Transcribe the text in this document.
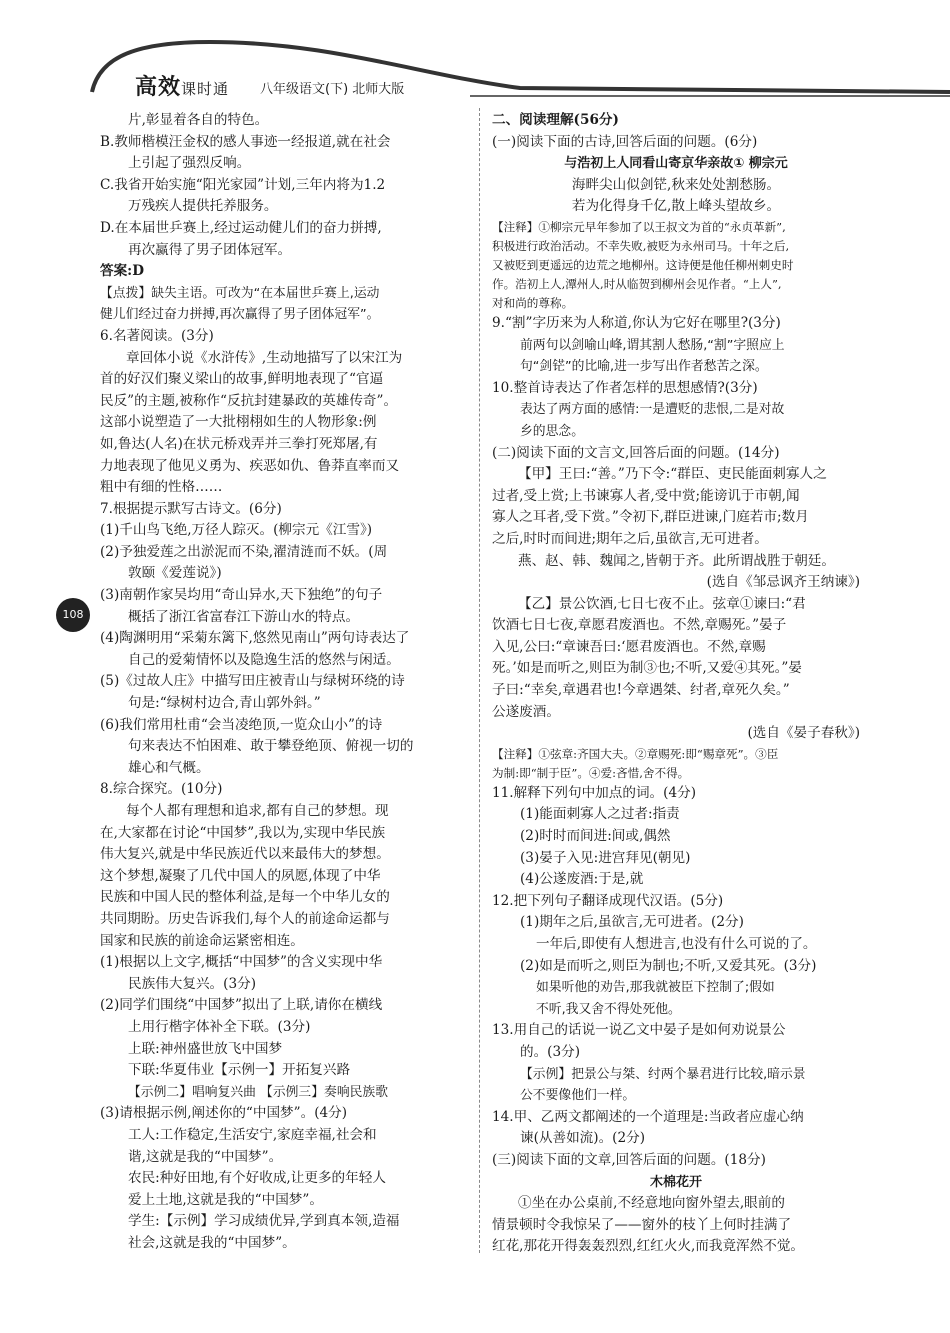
高效课时通 八年级语文(下) 北师大版

片,彰显着各自的特色。

B.教师楷模汪金权的感人事迹一经报道,就在社会

上引起了强烈反响。

C.我省开始实施“阳光家园”计划,三年内将为1.2

万残疾人提供托养服务。

D.在本届世乒赛上,经过运动健儿们的奋力拼搏,

再次赢得了男子团体冠军。

答案:D

【点拨】缺失主语。可改为“在本届世乒赛上,运动

健儿们经过奋力拼搏,再次赢得了男子团体冠军”。

6.名著阅读。(3分)

章回体小说《水浒传》,生动地描写了以宋江为

首的好汉们聚义梁山的故事,鲜明地表现了“官逼

民反”的主题,被称作“反抗封建暴政的英雄传奇”。

这部小说塑造了一大批栩栩如生的人物形象:例

如,鲁达(人名)在状元桥戏弄并三拳打死郑屠,有

力地表现了他见义勇为、疾恶如仇、鲁莽直率而又

粗中有细的性格……

7.根据提示默写古诗文。(6分)

(1)千山鸟飞绝,万径人踪灭。(柳宗元《江雪》)

(2)予独爱莲之出淤泥而不染,濯清涟而不妖。(周

敦颐《爱莲说》)

(3)南朝作家吴均用“奇山异水,天下独绝”的句子

概括了浙江省富春江下游山水的特点。

(4)陶渊明用“采菊东篱下,悠然见南山”两句诗表达了

自己的爱菊情怀以及隐逸生活的悠然与闲适。

(5)《过故人庄》中描写田庄被青山与绿树环绕的诗

句是:“绿树村边合,青山郭外斜。”

(6)我们常用杜甫“会当凌绝顶,一览众山小”的诗

句来表达不怕困难、敢于攀登绝顶、俯视一切的

雄心和气概。

8.综合探究。(10分)

每个人都有理想和追求,都有自己的梦想。现

在,大家都在讨论“中国梦”,我以为,实现中华民族

伟大复兴,就是中华民族近代以来最伟大的梦想。

这个梦想,凝聚了几代中国人的夙愿,体现了中华

民族和中国人民的整体利益,是每一个中华儿女的

共同期盼。历史告诉我们,每个人的前途命运都与

国家和民族的前途命运紧密相连。

(1)根据以上文字,概括“中国梦”的含义实现中华

民族伟大复兴。(3分)

(2)同学们围绕“中国梦”拟出了上联,请你在横线

上用行楷字体补全下联。(3分)

上联:神州盛世放飞中国梦

下联:华夏伟业【示例一】开拓复兴路

【示例二】唱响复兴曲 【示例三】奏响民族歌

(3)请根据示例,阐述你的“中国梦”。(4分)

工人:工作稳定,生活安宁,家庭幸福,社会和

谐,这就是我的“中国梦”。

农民:种好田地,有个好收成,让更多的年轻人

爱上土地,这就是我的“中国梦”。

学生:【示例】学习成绩优异,学到真本领,造福

社会,这就是我的“中国梦”。

二、阅读理解(56分)

(一)阅读下面的古诗,回答后面的问题。(6分)

与浩初上人同看山寄京华亲故① 柳宗元

海畔尖山似剑铓,秋来处处割愁肠。

若为化得身千亿,散上峰头望故乡。

【注释】①柳宗元早年参加了以王叔文为首的“永贞革新”,

积极进行政治活动。不幸失败,被贬为永州司马。十年之后,

又被贬到更遥远的边荒之地柳州。这诗便是他任柳州刺史时

作。浩初上人,潭州人,时从临贺到柳州会见作者。“上人”,

对和尚的尊称。

9.“割”字历来为人称道,你认为它好在哪里?(3分)

前两句以剑喻山峰,谓其割人愁肠,“割”字照应上

句“剑铓”的比喻,进一步写出作者愁苦之深。

10.整首诗表达了作者怎样的思想感情?(3分)

表达了两方面的感情:一是遭贬的悲恨,二是对故

乡的思念。

(二)阅读下面的文言文,回答后面的问题。(14分)

【甲】王曰:“善。”乃下令:“群臣、吏民能面刺寡人之

过者,受上赏;上书谏寡人者,受中赏;能谤讥于市朝,闻

寡人之耳者,受下赏。”令初下,群臣进谏,门庭若市;数月

之后,时时而间进;期年之后,虽欲言,无可进者。

燕、赵、韩、魏闻之,皆朝于齐。此所谓战胜于朝廷。

(选自《邹忌讽齐王纳谏》)

【乙】景公饮酒,七日七夜不止。弦章①谏曰:“君

饮酒七日七夜,章愿君废酒也。不然,章赐死。”晏子

入见,公曰:“章谏吾曰:‘愿君废酒也。不然,章赐

死。’如是而听之,则臣为制③也;不听,又爱④其死。”晏

子曰:“幸矣,章遇君也!今章遇桀、纣者,章死久矣。”

公遂废酒。

(选自《晏子春秋》)

【注释】①弦章:齐国大夫。②章赐死:即“赐章死”。③臣

为制:即“制于臣”。④爱:吝惜,舍不得。

11.解释下列句中加点的词。(4分)

(1)能面刺寡人之过者:指责

(2)时时而间进:间或,偶然

(3)晏子入见:进宫拜见(朝见)

(4)公遂废酒:于是,就

12.把下列句子翻译成现代汉语。(5分)

(1)期年之后,虽欲言,无可进者。(2分)

一年后,即使有人想进言,也没有什么可说的了。

(2)如是而听之,则臣为制也;不听,又爱其死。(3分)

如果听他的劝告,那我就被臣下控制了;假如

不听,我又舍不得处死他。

13.用自己的话说一说乙文中晏子是如何劝说景公

的。(3分)

【示例】把景公与桀、纣两个暴君进行比较,暗示景

公不要像他们一样。

14.甲、乙两文都阐述的一个道理是:当政者应虚心纳

谏(从善如流)。(2分)

(三)阅读下面的文章,回答后面的问题。(18分)

木棉花开

①坐在办公桌前,不经意地向窗外望去,眼前的

情景顿时令我惊呆了——窗外的枝丫上何时挂满了

红花,那花开得轰轰烈烈,红红火火,而我竟浑然不觉。

108
